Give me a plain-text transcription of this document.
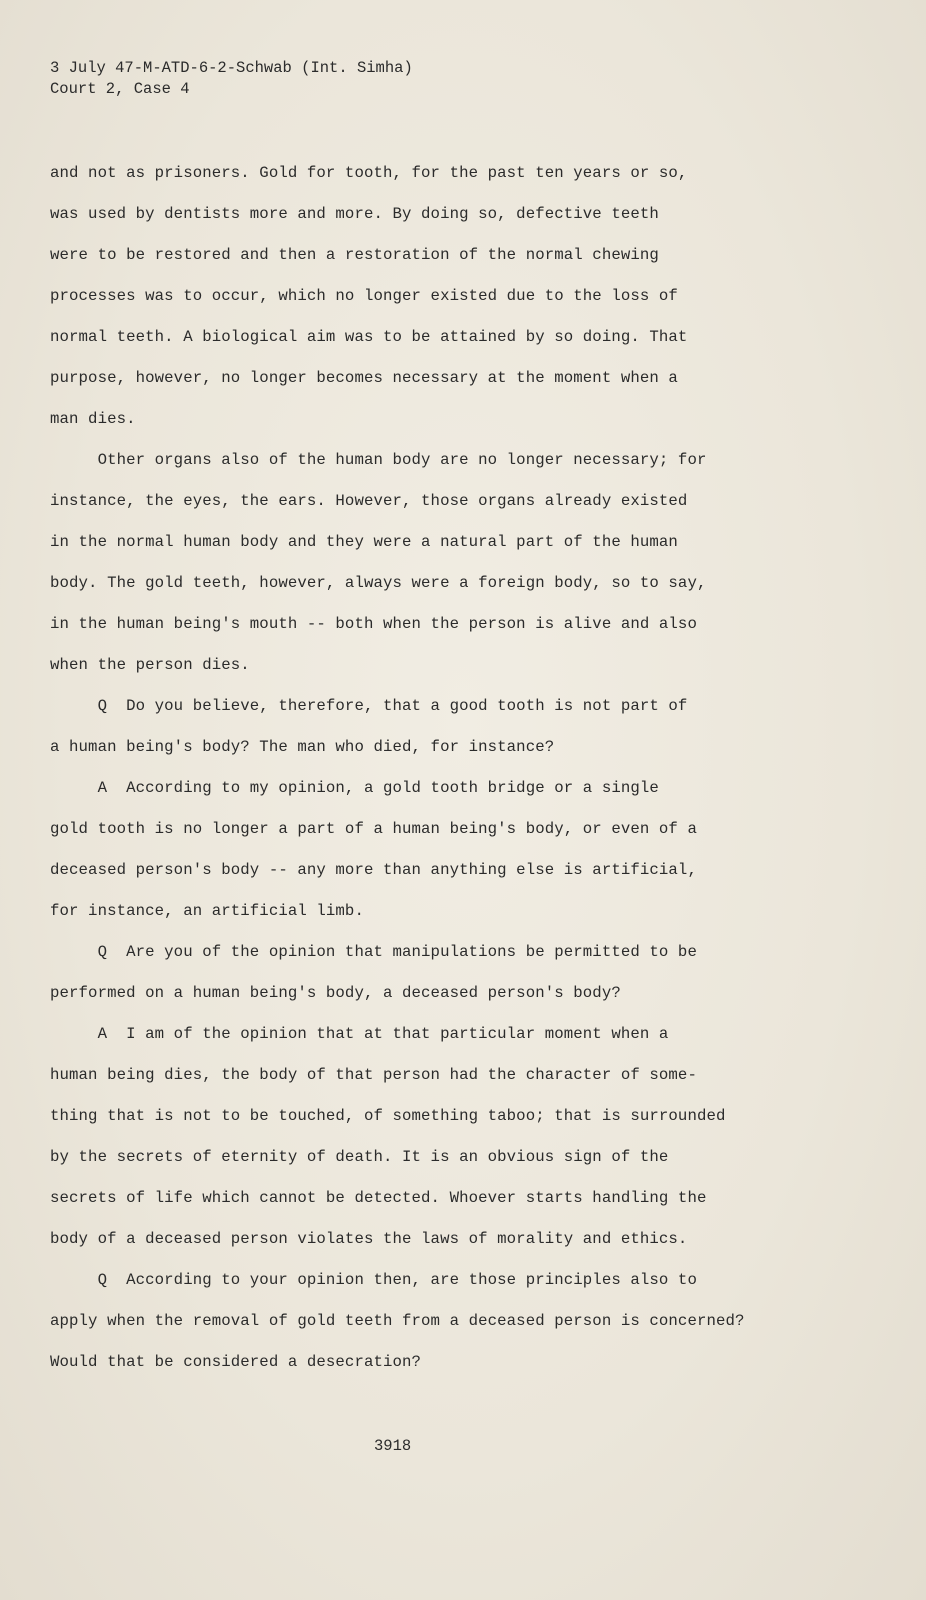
3 July 47-M-ATD-6-2-Schwab (Int. Simha)
Court 2, Case 4
and not as prisoners. Gold for tooth, for the past ten years or so,
was used by dentists more and more. By doing so, defective teeth
were to be restored and then a restoration of the normal chewing
processes was to occur, which no longer existed due to the loss of
normal teeth. A biological aim was to be attained by so doing. That
purpose, however, no longer becomes necessary at the moment when a
man dies.
Other organs also of the human body are no longer necessary; for
instance, the eyes, the ears. However, those organs already existed
in the normal human body and they were a natural part of the human
body. The gold teeth, however, always were a foreign body, so to say,
in the human being's mouth -- both when the person is alive and also
when the person dies.
Q  Do you believe, therefore, that a good tooth is not part of
a human being's body? The man who died, for instance?
A  According to my opinion, a gold tooth bridge or a single
gold tooth is no longer a part of a human being's body, or even of a
deceased person's body -- any more than anything else is artificial,
for instance, an artificial limb.
Q  Are you of the opinion that manipulations be permitted to be
performed on a human being's body, a deceased person's body?
A  I am of the opinion that at that particular moment when a
human being dies, the body of that person had the character of some-
thing that is not to be touched, of something taboo; that is surrounded
by the secrets of eternity of death. It is an obvious sign of the
secrets of life which cannot be detected. Whoever starts handling the
body of a deceased person violates the laws of morality and ethics.
Q  According to your opinion then, are those principles also to
apply when the removal of gold teeth from a deceased person is concerned?
Would that be considered a desecration?
3918
